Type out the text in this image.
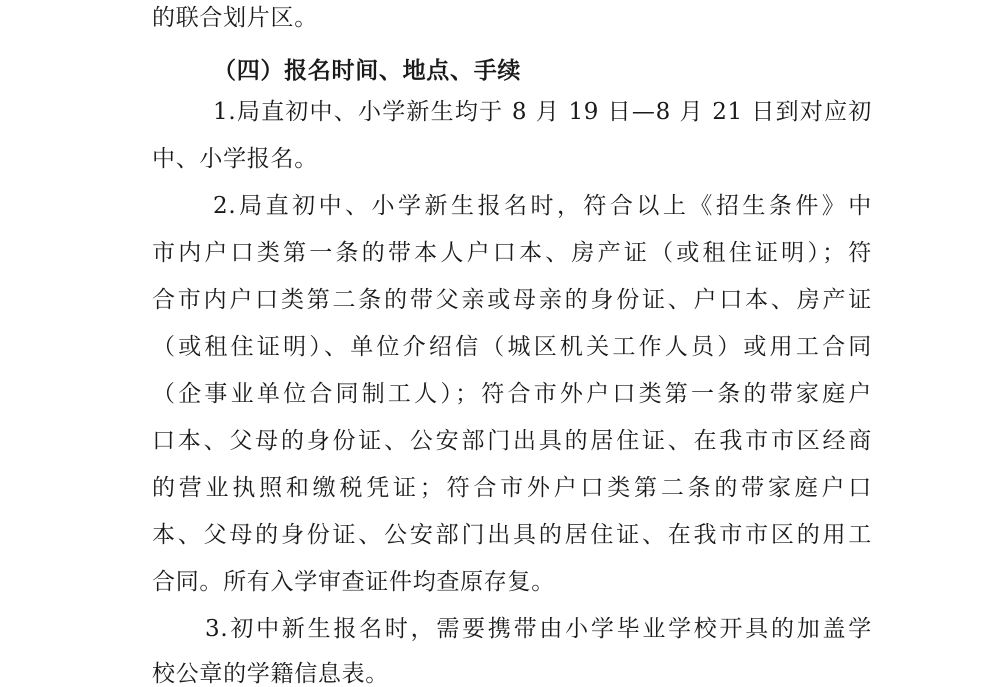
的联合划片区。
（四）报名时间、地点、手续
1.局直初中、小学新生均于 8 月 19 日—8 月 21 日到对应初
中、小学报名。
2.局直初中、小学新生报名时，符合以上《招生条件》中
市内户口类第一条的带本人户口本、房产证（或租住证明）；符
合市内户口类第二条的带父亲或母亲的身份证、户口本、房产证
（或租住证明）、单位介绍信（城区机关工作人员）或用工合同
（企事业单位合同制工人）；符合市外户口类第一条的带家庭户
口本、父母的身份证、公安部门出具的居住证、在我市市区经商
的营业执照和缴税凭证；符合市外户口类第二条的带家庭户口
本、父母的身份证、公安部门出具的居住证、在我市市区的用工
合同。所有入学审查证件均查原存复。
3.初中新生报名时，需要携带由小学毕业学校开具的加盖学
校公章的学籍信息表。
